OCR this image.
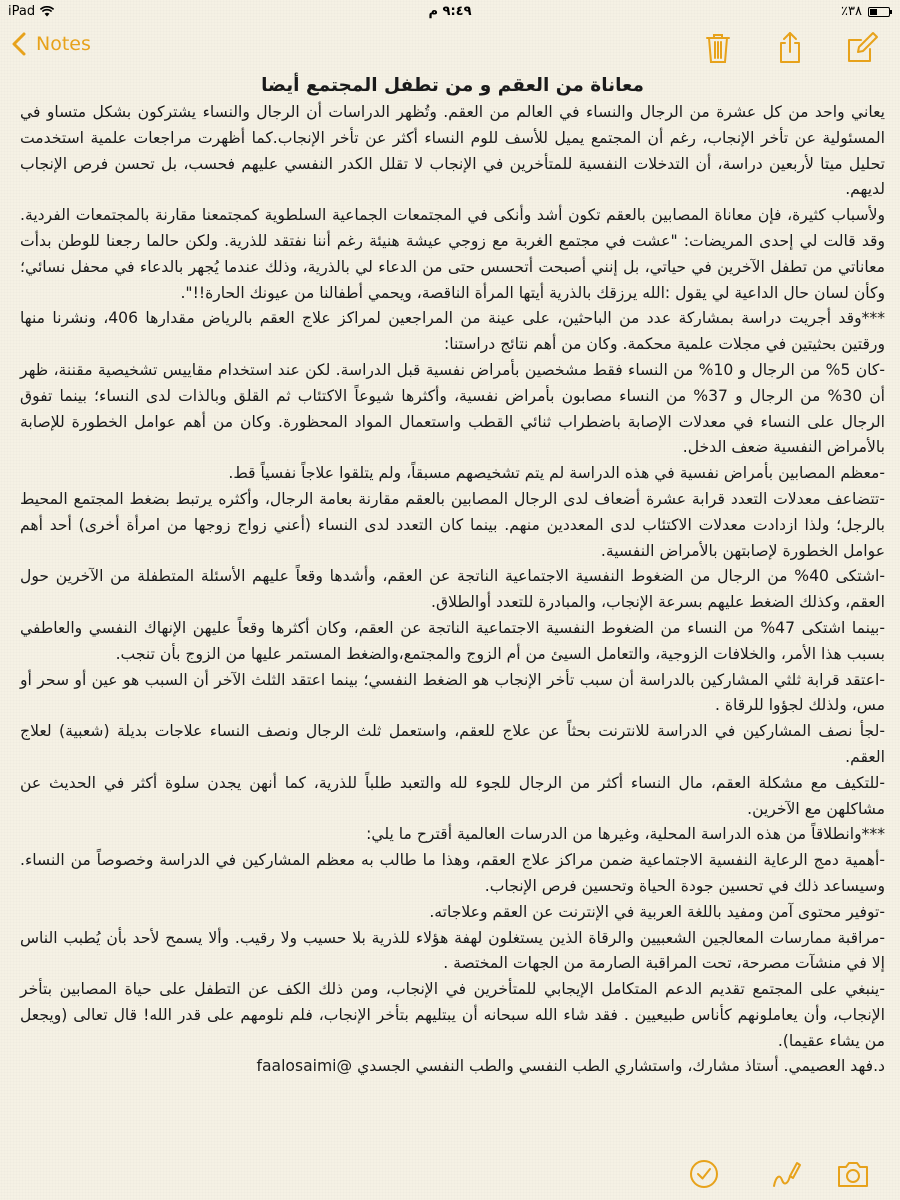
iPad	٩:٤٩ م	٪٣٨
Notes
معاناة من العقم و من تطفل المجتمع أيضا

يعاني واحد من كل عشرة من الرجال والنساء في العالم من العقم. وتُظهر الدراسات أن الرجال والنساء يشتركون بشكل متساو في المسئولية عن تأخر الإنجاب، رغم أن المجتمع يميل للأسف للوم النساء أكثر عن تأخر الإنجاب.كما أظهرت مراجعات علمية استخدمت تحليل ميتا لأربعين دراسة، أن التدخلات النفسية للمتأخرين في الإنجاب لا تقلل الكدر النفسي عليهم فحسب، بل تحسن فرص الإنجاب لديهم.

ولأسباب كثيرة، فإن معاناة المصابين بالعقم تكون أشد وأنكى في المجتمعات الجماعية السلطوية كمجتمعنا مقارنة بالمجتمعات الفردية. وقد قالت لي إحدى المريضات: "عشت في مجتمع الغربة مع زوجي عيشة هنيئة رغم أننا نفتقد للذرية. ولكن حالما رجعنا للوطن بدأت معاناتي من تطفل الآخرين في حياتي، بل إنني أصبحت أتحسس حتى من الدعاء لي بالذرية، وذلك عندما يُجهر بالدعاء في محفل نسائي؛ وكأن لسان حال الداعية لي يقول :الله يرزقك بالذرية أيتها المرأة الناقصة، ويحمي أطفالنا من عيونك الحارة!!".

***وقد أجريت دراسة بمشاركة عدد من الباحثين، على عينة من المراجعين لمراكز علاج العقم بالرياض مقدارها 406، ونشرنا منها ورقتين بحثيتين في مجلات علمية محكمة. وكان من أهم نتائج دراستنا:

-كان 5% من الرجال و 10% من النساء فقط مشخصين بأمراض نفسية قبل الدراسة. لكن عند استخدام مقاييس تشخيصية مقننة، ظهر أن 30% من الرجال و 37% من النساء مصابون بأمراض نفسية، وأكثرها شيوعاً الاكتئاب ثم القلق وبالذات لدى النساء؛ بينما تفوق الرجال على النساء في معدلات الإصابة باضطراب ثنائي القطب واستعمال المواد المحظورة. وكان من أهم عوامل الخطورة للإصابة بالأمراض النفسية ضعف الدخل.

-معظم المصابين بأمراض نفسية في هذه الدراسة لم يتم تشخيصهم مسبقاً، ولم يتلقوا علاجاً نفسياً قط.

-تتضاعف معدلات التعدد قرابة عشرة أضعاف لدى الرجال المصابين بالعقم مقارنة بعامة الرجال، وأكثره يرتبط بضغط المجتمع المحيط بالرجل؛ ولذا ازدادت معدلات الاكتئاب لدى المعددين منهم. بينما كان التعدد لدى النساء (أعني زواج زوجها من امرأة أخرى) أحد أهم عوامل الخطورة لإصابتهن بالأمراض النفسية.

-اشتكى 40% من الرجال من الضغوط النفسية الاجتماعية الناتجة عن العقم، وأشدها وقعاً عليهم الأسئلة المتطفلة من الآخرين حول العقم، وكذلك الضغط عليهم بسرعة الإنجاب، والمبادرة للتعدد أوالطلاق.

-بينما اشتكى 47% من النساء من الضغوط النفسية الاجتماعية الناتجة عن العقم، وكان أكثرها وقعاً عليهن الإنهاك النفسي والعاطفي بسبب هذا الأمر، والخلافات الزوجية، والتعامل السيئ من أم الزوج والمجتمع،والضغط المستمر عليها من الزوج بأن تنجب.

-اعتقد قرابة ثلثي المشاركين بالدراسة أن سبب تأخر الإنجاب هو الضغط النفسي؛ بينما اعتقد الثلث الآخر أن السبب هو عين أو سحر أو مس، ولذلك لجؤوا للرقاة .

-لجأ نصف المشاركين في الدراسة للانترنت بحثاً عن علاج للعقم، واستعمل ثلث الرجال ونصف النساء علاجات بديلة (شعبية) لعلاج العقم.

-للتكيف مع مشكلة العقم، مال النساء أكثر من الرجال للجوء لله والتعبد طلباً للذرية، كما أنهن يجدن سلوة أكثر في الحديث عن مشاكلهن مع الآخرين.

***وانطلاقاً من هذه الدراسة المحلية، وغيرها من الدرسات العالمية أقترح ما يلي:

-أهمية دمج الرعاية النفسية الاجتماعية ضمن مراكز علاج العقم، وهذا ما طالب به معظم المشاركين في الدراسة وخصوصاً من النساء. وسيساعد ذلك في تحسين جودة الحياة وتحسين فرص الإنجاب.

-توفير محتوى آمن ومفيد باللغة العربية في الإنترنت عن العقم وعلاجاته.

-مراقبة ممارسات المعالجين الشعبيين والرقاة الذين يستغلون لهفة هؤلاء للذرية بلا حسيب ولا رقيب. وألا يسمح لأحد بأن يُطبب الناس إلا في منشآت مصرحة، تحت المراقبة الصارمة من الجهات المختصة .

-ينبغي على المجتمع تقديم الدعم المتكامل الإيجابي للمتأخرين في الإنجاب، ومن ذلك الكف عن التطفل على حياة المصابين بتأخر الإنجاب، وأن يعاملونهم كأناس طبيعيين . فقد شاء الله سبحانه أن يبتليهم بتأخر الإنجاب، فلم نلومهم على قدر الله! قال تعالى (ويجعل من يشاء عقيما).

د.فهد العصيمي. أستاذ مشارك، واستشاري الطب النفسي والطب النفسي الجسدي @faalosaimi
